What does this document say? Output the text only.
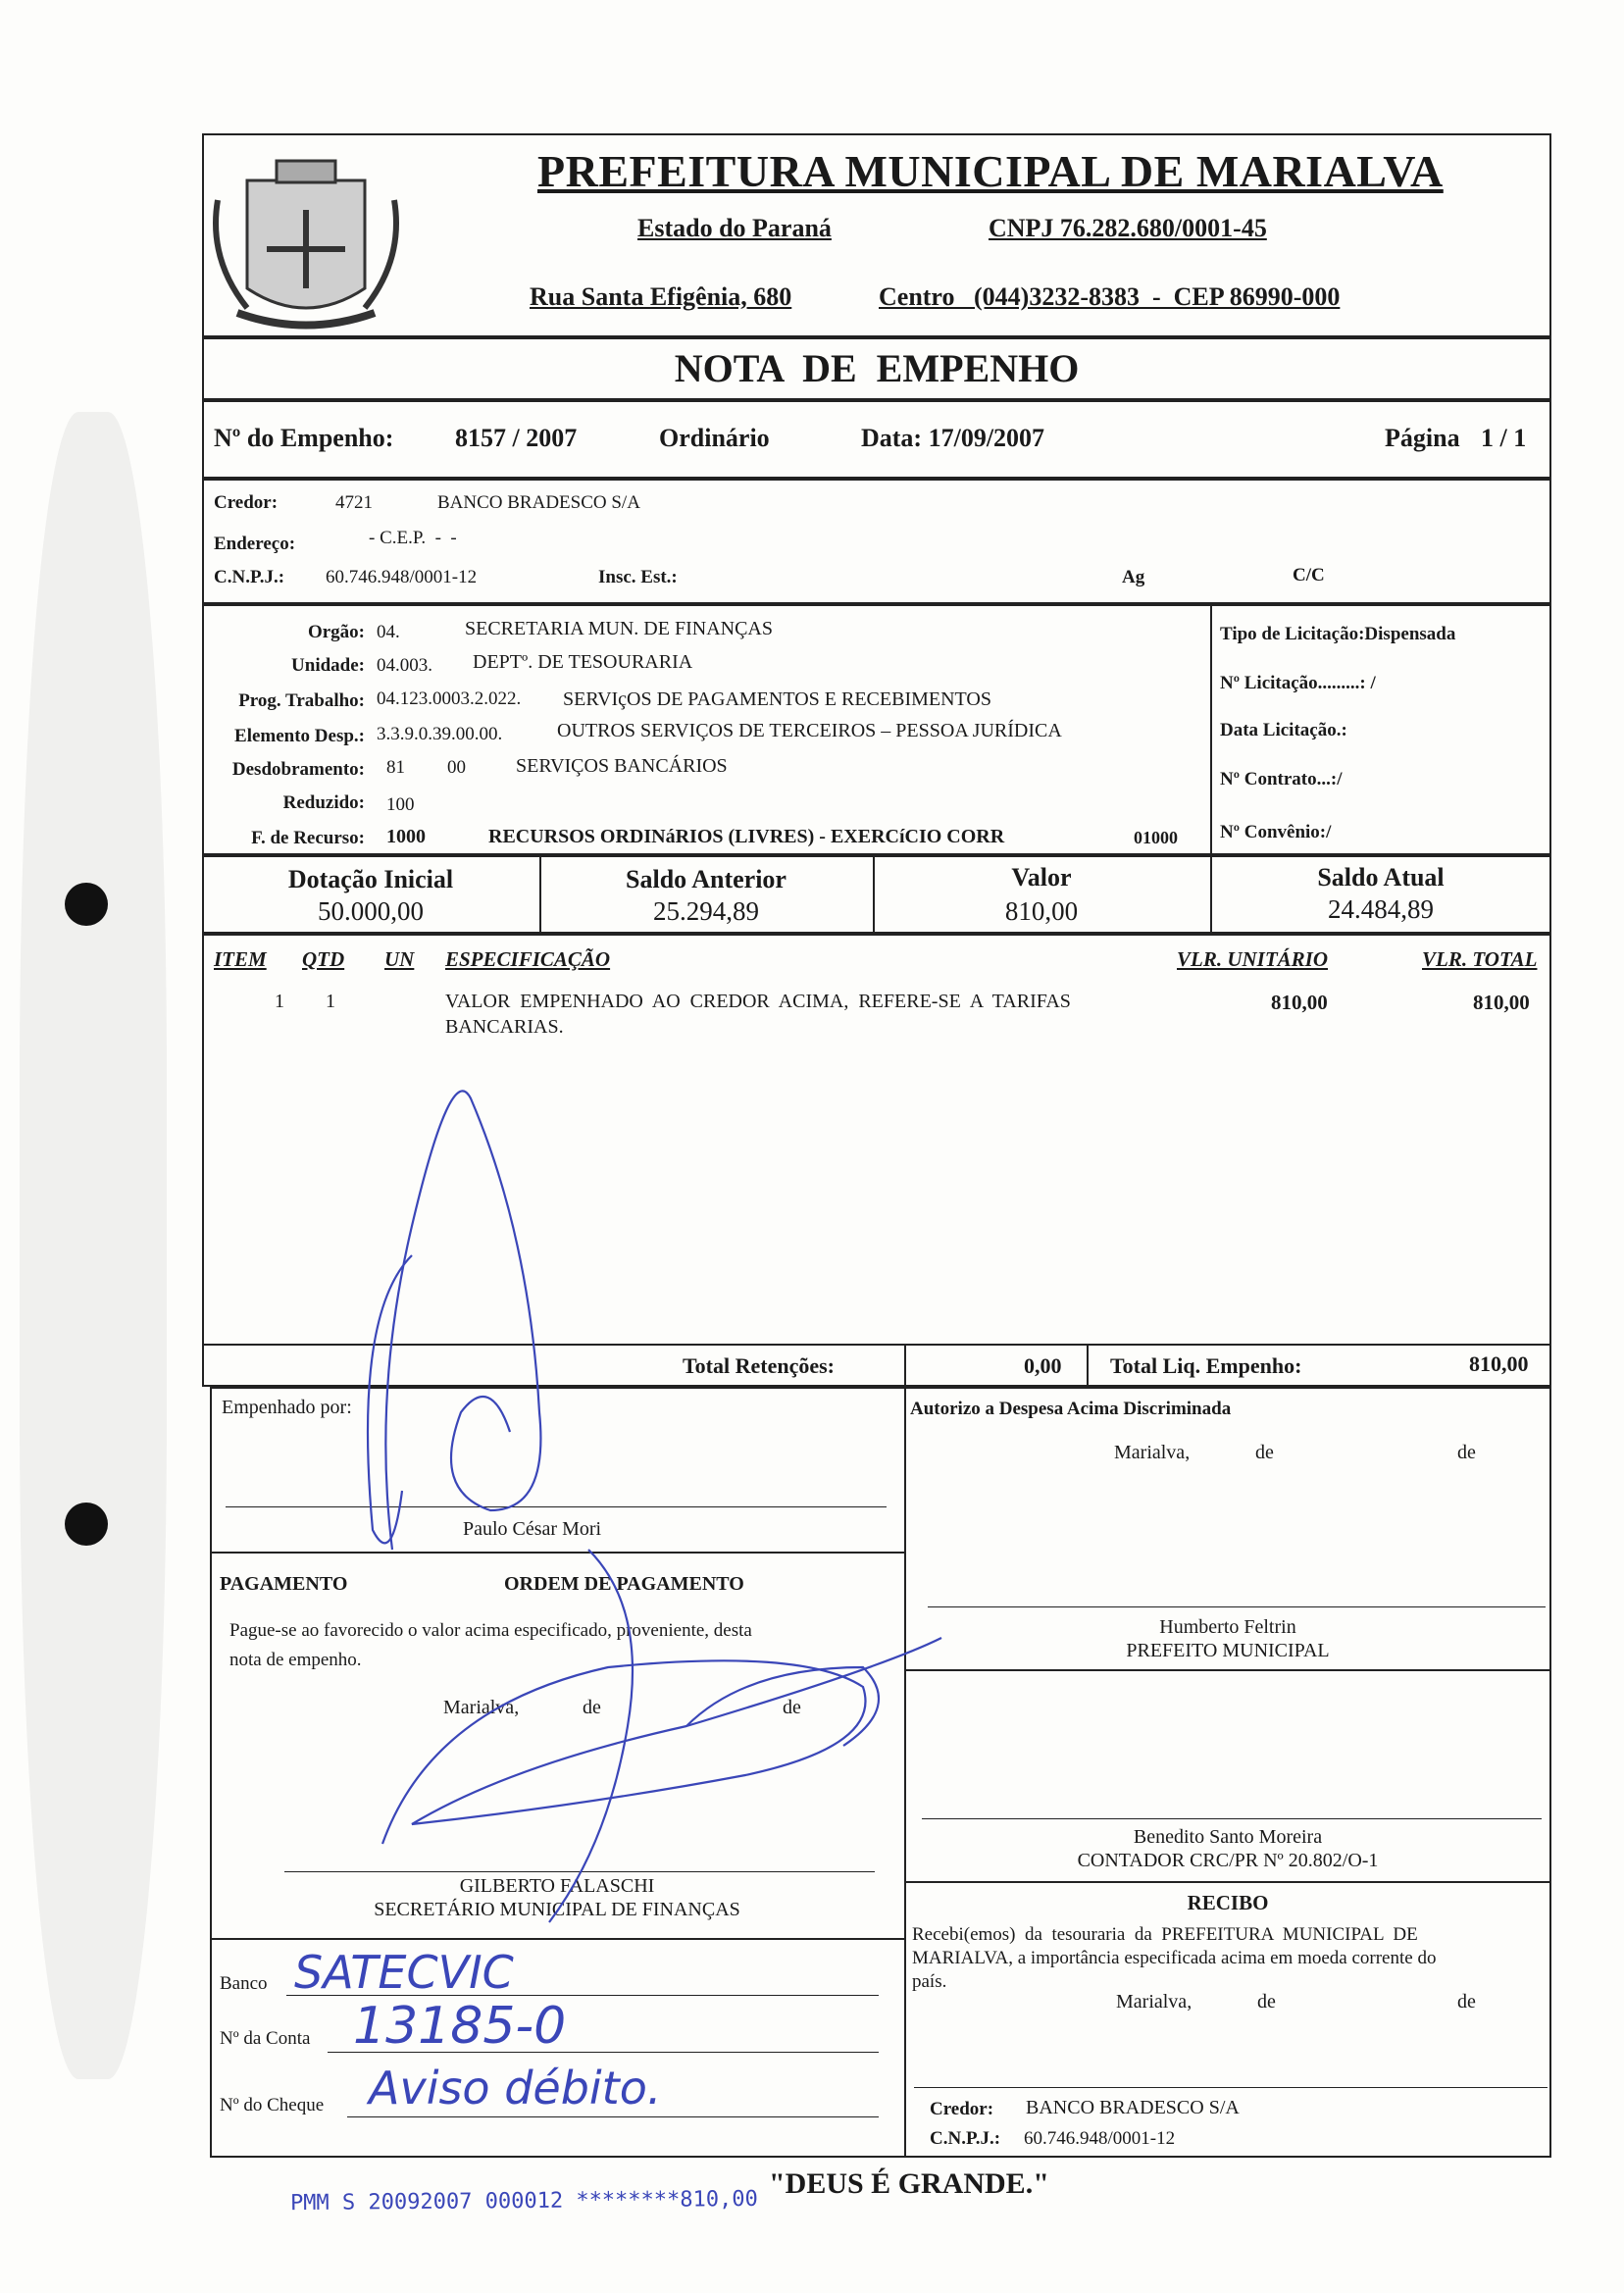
PREFEITURA MUNICIPAL DE MARIALVA
Estado do Paraná	CNPJ 76.282.680/0001-45
Rua Santa Efigênia, 680	Centro   (044)3232-8383  -  CEP 86990-000
NOTA  DE  EMPENHO
Nº do Empenho: 8157 / 2007	Ordinário	Data: 17/09/2007	Página 1 / 1
Credor:	4721	BANCO BRADESCO S/A
Endereço:	- C.E.P.  -  -
C.N.P.J.: 60.746.948/0001-12	Insc. Est.:	Ag	C/C
Orgão: 04.	SECRETARIA MUN. DE FINANÇAS
Unidade: 04.003. DEPTº. DE TESOURARIA
Prog. Trabalho: 04.123.0003.2.022. SERVIçOS DE PAGAMENTOS E RECEBIMENTOS
Elemento Desp.: 3.3.9.0.39.00.00.	OUTROS SERVIÇOS DE TERCEIROS – PESSOA JURÍDICA
Desdobramento: 81 00	SERVIÇOS BANCÁRIOS
Reduzido: 100
F. de Recurso: 1000	RECURSOS ORDINáRIOS (LIVRES) - EXERCíCIO CORR	01000
Tipo de Licitação:Dispensada
Nº Licitação.........: /
Data Licitação.:
Nº Contrato...:/
Nº Convênio:/
Dotação Inicial
50.000,00
Saldo Anterior
25.294,89
Valor
810,00
Saldo Atual
24.484,89
ITEM QTD UN ESPECIFICAÇÃO	VLR. UNITÁRIO	VLR. TOTAL
1 1	VALOR  EMPENHADO  AO  CREDOR  ACIMA,  REFERE-SE  A  TARIFAS
BANCARIAS.
810,00	810,00
Total Retenções:	0,00 Total Liq. Empenho:	810,00
Empenhado por:
Paulo César Mori
PAGAMENTO	ORDEM DE PAGAMENTO
Pague-se ao favorecido o valor acima especificado, proveniente, desta
nota de empenho.
Marialva,	de	de
GILBERTO FALASCHI
SECRETÁRIO MUNICIPAL DE FINANÇAS
Banco SATECVIC
Nº da Conta 13185-0
Nº do Cheque Aviso débito.
Autorizo a Despesa Acima Discriminada
Marialva,	de	de
Humberto Feltrin
PREFEITO MUNICIPAL
Benedito Santo Moreira
CONTADOR CRC/PR Nº 20.802/O-1
RECIBO
Recebi(emos)  da  tesouraria  da  PREFEITURA  MUNICIPAL  DE
MARIALVA, a importância especificada acima em moeda corrente do
país.
Marialva,	de	de
Credor: BANCO BRADESCO S/A
C.N.P.J.: 60.746.948/0001-12
"DEUS É GRANDE."
PMM S 20092007 000012 ********810,00
